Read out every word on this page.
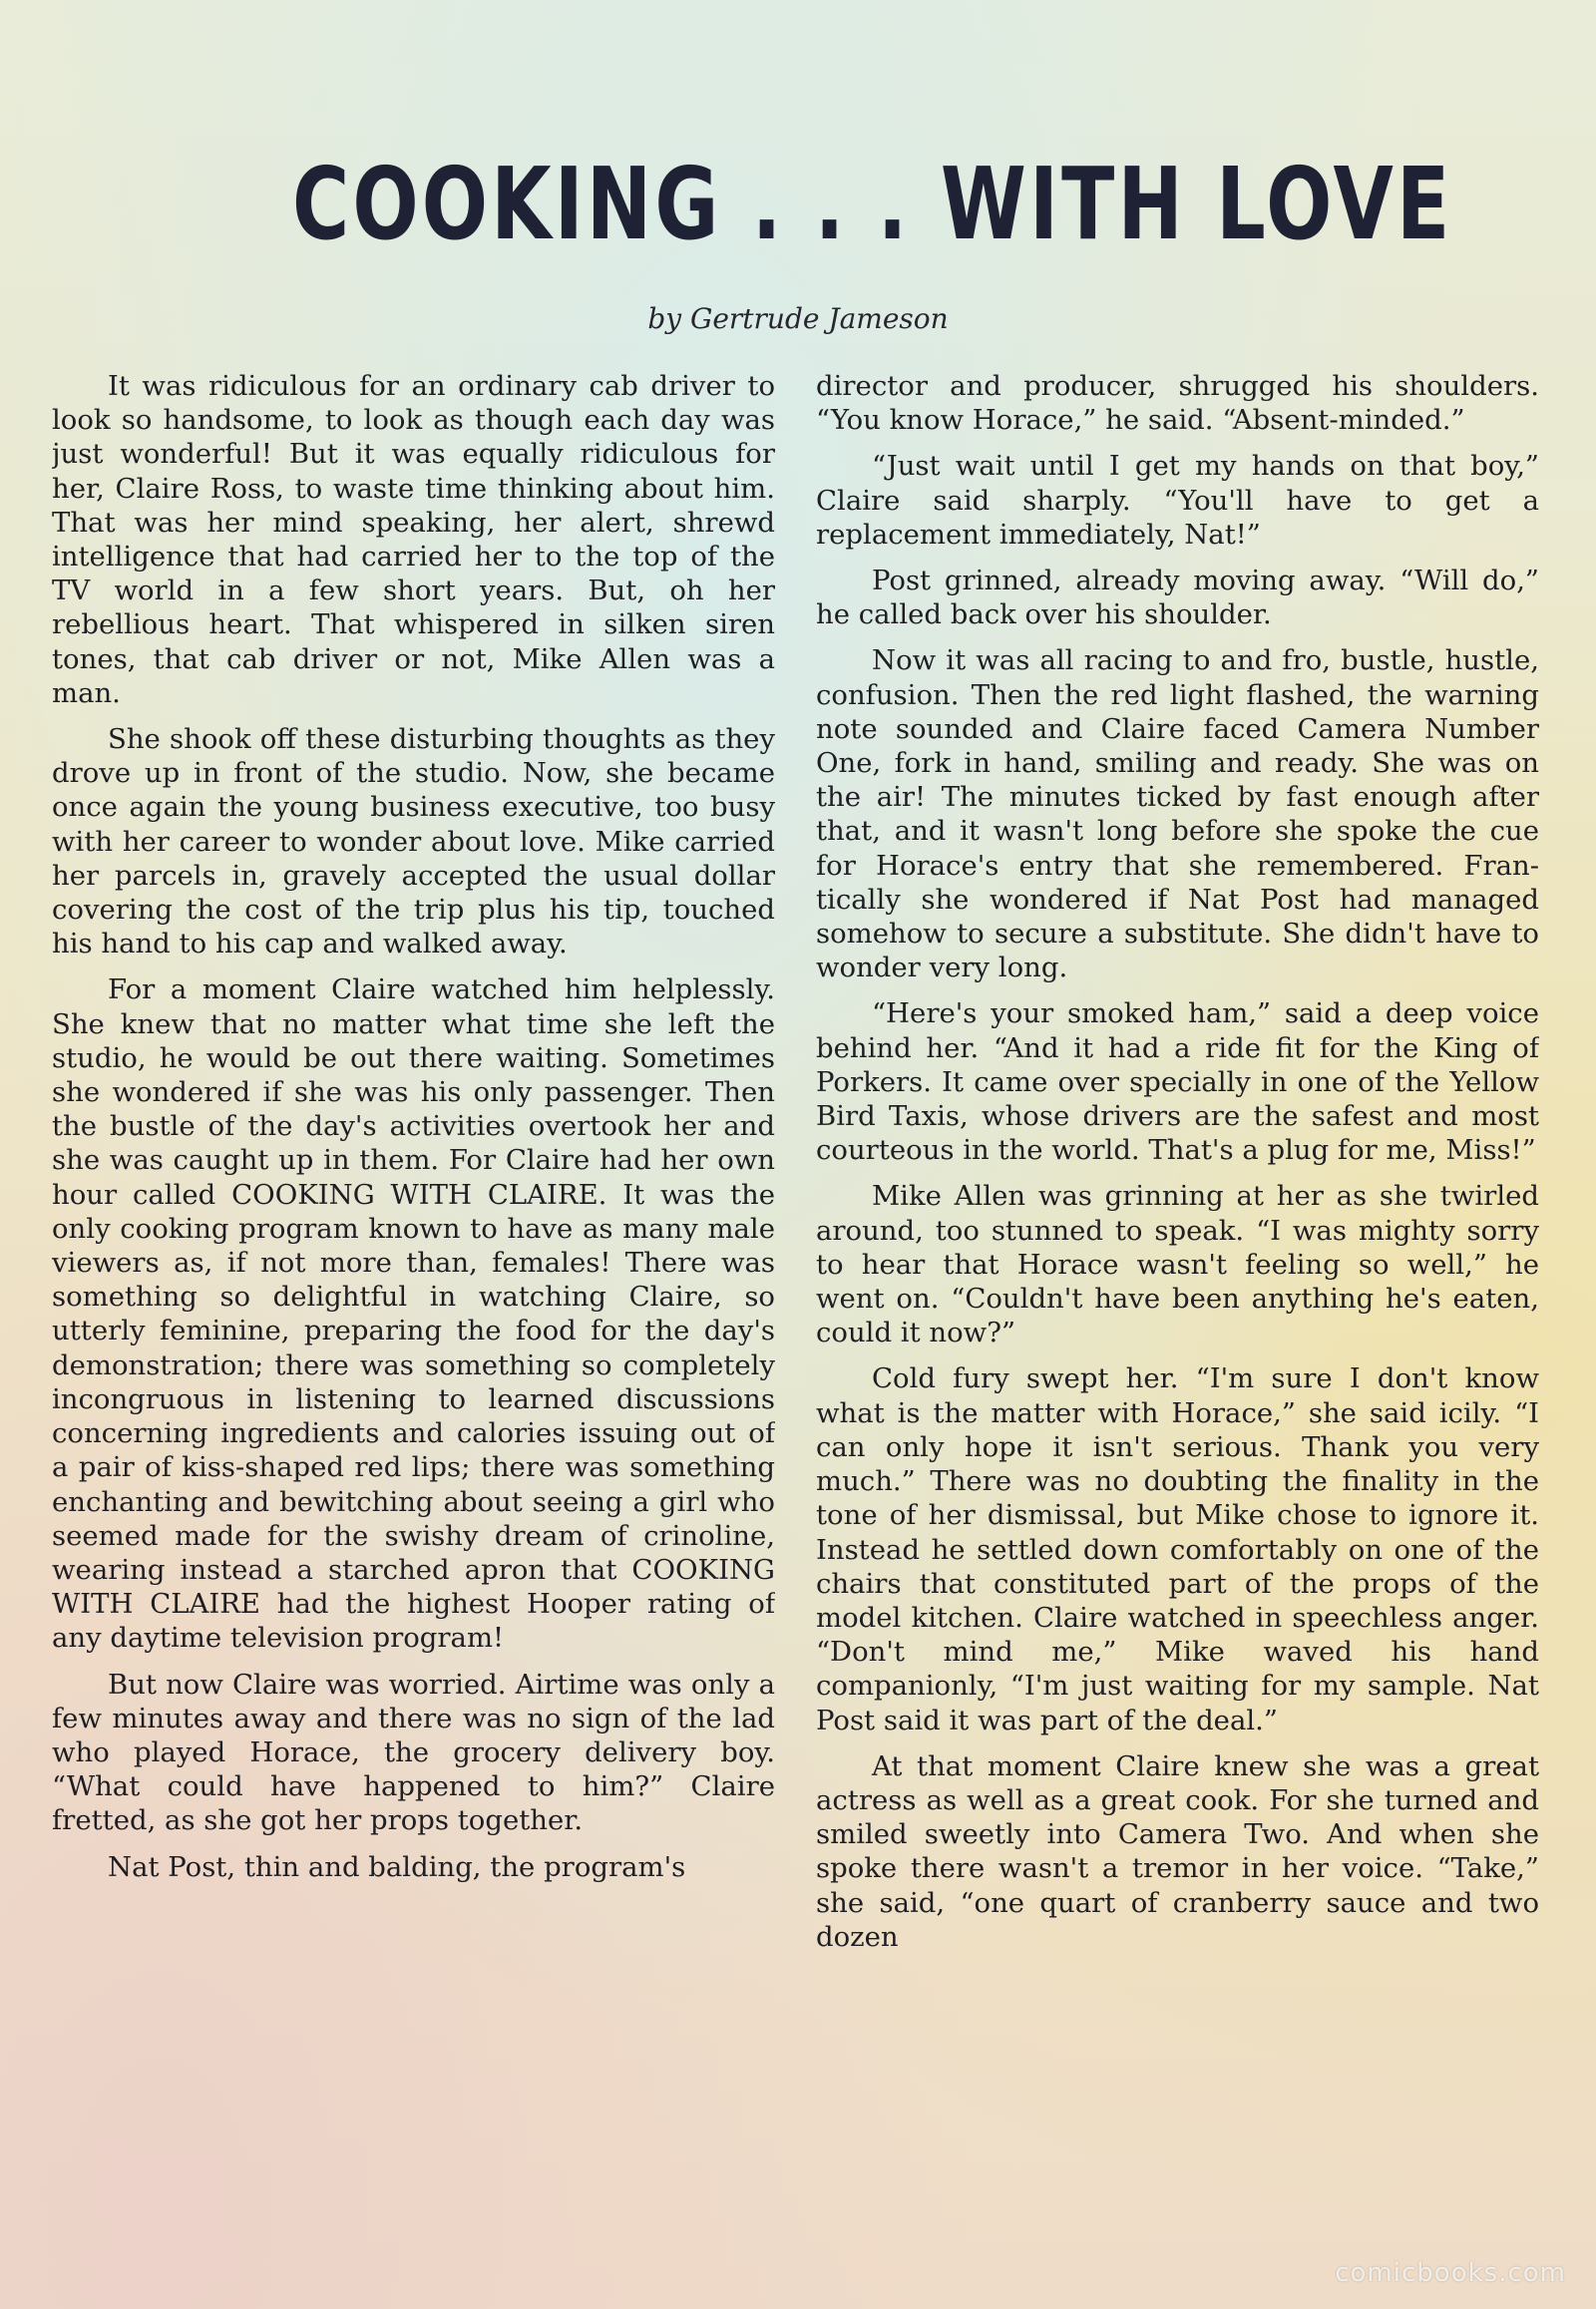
COOKING . . . WITH LOVE
by Gertrude Jameson

It was ridiculous for an ordinary cab driver to look so handsome, to look as though each day was just wonderful! But it was equally ridiculous for her, Claire Ross, to waste time thinking about him. That was her mind speaking, her alert, shrewd intelligence that had carried her to the top of the TV world in a few short years. But, oh her rebellious heart. That whispered in silken siren tones, that cab driver or not, Mike Allen was a man.

She shook off these disturbing thoughts as they drove up in front of the studio. Now, she became once again the young business executive, too busy with her career to wonder about love. Mike carried her parcels in, gravely accepted the usual dollar covering the cost of the trip plus his tip, touched his hand to his cap and walked away.

For a moment Claire watched him helplessly. She knew that no matter what time she left the studio, he would be out there waiting. Sometimes she wondered if she was his only passenger. Then the bustle of the day's activities overtook her and she was caught up in them. For Claire had her own hour called COOKING WITH CLAIRE. It was the only cooking program known to have as many male viewers as, if not more than, females! There was something so delightful in watching Claire, so utterly feminine, preparing the food for the day's demonstration; there was something so completely incongruous in listening to learned discussions concerning ingredients and calories issuing out of a pair of kiss-shaped red lips; there was something enchanting and bewitching about seeing a girl who seemed made for the swishy dream of crinoline, wearing instead a starched apron that COOKING WITH CLAIRE had the highest Hooper rating of any daytime television program!

But now Claire was worried. Airtime was only a few minutes away and there was no sign of the lad who played Horace, the grocery delivery boy. “What could have happened to him?” Claire fretted, as she got her props together.

Nat Post, thin and balding, the program's

director and producer, shrugged his shoulders. “You know Horace,” he said. “Absent-minded.”

“Just wait until I get my hands on that boy,” Claire said sharply. “You'll have to get a replacement immediately, Nat!”

Post grinned, already moving away. “Will do,” he called back over his shoulder.

Now it was all racing to and fro, bustle, hustle, confusion. Then the red light flashed, the warning note sounded and Claire faced Camera Number One, fork in hand, smiling and ready. She was on the air! The minutes ticked by fast enough after that, and it wasn't long before she spoke the cue for Horace's entry that she remembered. Frantically she wondered if Nat Post had managed somehow to secure a substitute. She didn't have to wonder very long.

“Here's your smoked ham,” said a deep voice behind her. “And it had a ride fit for the King of Porkers. It came over specially in one of the Yellow Bird Taxis, whose drivers are the safest and most courteous in the world. That's a plug for me, Miss!”

Mike Allen was grinning at her as she twirled around, too stunned to speak. “I was mighty sorry to hear that Horace wasn't feeling so well,” he went on. “Couldn't have been anything he's eaten, could it now?”

Cold fury swept her. “I'm sure I don't know what is the matter with Horace,” she said icily. “I can only hope it isn't serious. Thank you very much.” There was no doubting the finality in the tone of her dismissal, but Mike chose to ignore it. Instead he settled down comfortably on one of the chairs that constituted part of the props of the model kitchen. Claire watched in speechless anger. “Don't mind me,” Mike waved his hand companionly, “I'm just waiting for my sample. Nat Post said it was part of the deal.”

At that moment Claire knew she was a great actress as well as a great cook. For she turned and smiled sweetly into Camera Two. And when she spoke there wasn't a tremor in her voice. “Take,” she said, “one quart of cranberry sauce and two dozen

comicbooks.com
